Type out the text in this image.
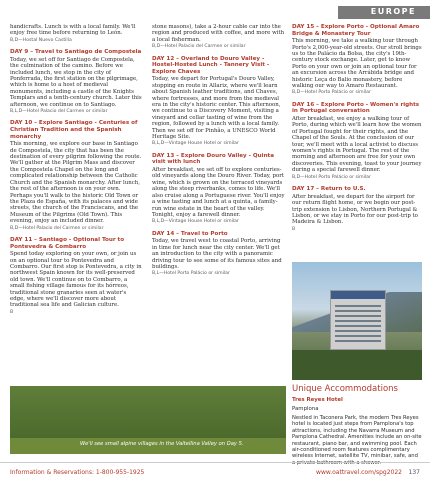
EUROPE

handicrafts. Lunch is with a local family. We'll enjoy free time before returning to León.

B,D—Hostal Nuevo Castilla
DAY 9 – Travel to Santiago de Compostela

Today, we set off for Santiago de Compostela, the culmination of the camino. Before we included lunch, we stop in the city of Ponferrada, the first station on the pilgrimage, which is home to a host of medieval monuments, including a castle of the Knights Templars and a tenth-century church. Later this afternoon, we continue on to Santiago.

B,L,D—Hotel Palacio del Carmen or similar
DAY 10 – Explore Santiago - Centuries of Christian Tradition and the Spanish monarchy

This morning, we explore our base in Santiago de Compostela, the city that has been the destination of every pilgrim following the route. We'll gather at the Pilgrim Mass and discover the Compostela Chapel on the long and complicated relationship between the Catholic Church and the Spanish monarchy. After lunch, the rest of the afternoon is on your own. Perhaps you'll walk to the historic Old Town or the Plaza de España, with its palaces and wide streets, the church of the Franciscans, and the Museum of the Pilgrims (Old Town). This evening, enjoy an included dinner.

B,D—Hotel Palacio del Carmen or similar
DAY 11 – Santiago - Optional Tour to Pontevedra & Combarro

Spend today exploring on your own, or join us on an optional tour to Pontevedra and Combarro. Our first stop is Pontevedra, a city in northwest Spain known for its well-preserved old town. We'll continue on to Combarro, a small fishing village famous for its hórreos, traditional stone granaries seen at water's edge, where we'll discover more about traditional sea life and Galician culture.

B

stone masons), take a 2-hour cable car into the region and produced with coffee, and more with a local fisherman.

B,D—Hotel Palacio del Carmen or similar
DAY 12 – Overland to Douro Valley - Hostel-Hosted Lunch - Tannery Visit - Explore Chaves

Today, we depart for Portugal's Douro Valley, stopping en route in Allariz, where we'll learn about Spanish leather traditions, and Chaves, where fortresses, and more from the medieval era in the city's historic center. This afternoon, we continue to a Discovery Moment, visiting a vineyard and cellar tasting of wine from the region, followed by a lunch with a local family. Then we set off for Pinhão, a UNESCO World Heritage Site.

B,L,D—Vintage House Hotel or similar
DAY 13 – Explore Douro Valley - Quinta visit with lunch

After breakfast, we set off to explore centuries-old vineyards along the Douro River. Today, port wine, which is grown on the terraced vineyards along the steep riverbanks, comes to life. We'll also cruise along a Portuguese river. You'll enjoy a wine tasting and lunch at a quinta, a family-run wine estate in the heart of the valley. Tonight, enjoy a farewell dinner.

B,L,D—Vintage House Hotel or similar
DAY 14 – Travel to Porto

Today, we travel west to coastal Porto, arriving in time for lunch near the city center. We'll get an introduction to the city with a panoramic driving tour to see some of its famous sites and buildings.

B,L—Hotel Porto Palácio or similar
DAY 15 – Explore Porto - Optional Amaro Bridge & Monastery Tour

This morning, we take a walking tour through Porto's 2,000-year-old streets. Our stroll brings us to the Palácio da Bolsa, the city's 19th-century stock exchange. Later, get to know Porto on your own or join an optional tour for an excursion across the Arrábida bridge and historic Leça do Balio monastery, before walking our way to Amaro Restaurant.

B,D—Hotel Porto Palácio or similar
DAY 16 – Explore Porto - Women's rights in Portugal conversation

After breakfast, we enjoy a walking tour of Porto, during which we'll learn how the women of Portugal fought for their rights, and the Chapel of the Souls. At the conclusion of our tour, we'll meet with a local activist to discuss women's rights in Portugal. The rest of the morning and afternoon are free for your own discoveries. This evening, toast to your journey during a special farewell dinner.

B,D—Hotel Porto Palácio or similar
DAY 17 – Return to U.S.

After breakfast, we depart for the airport for our return flight home, or we begin our post-trip extension to Lisbon, Northern Portugal & Lisbon, or we stay in Porto for our post-trip to Madeira & Lisbon.

B
We'll see small alpine villages in the Valtellina Valley on Day 5.
Unique Accommodations
Tres Reyes Hotel
Pamplona

Nestled in Taconera Park, the modern Tres Reyes hotel is located just steps from Pamplona's top attractions, including the Navarra Museum and Pamplona Cathedral. Amenities include an on-site restaurant, piano bar, and swimming pool. Each air-conditioned room features complimentary wireless Internet, satellite TV, minibar, safe, and a private bathroom with a shower.

Information & Reservations: 1-800-955-1925	www.oattravel.com/spg2022 137
